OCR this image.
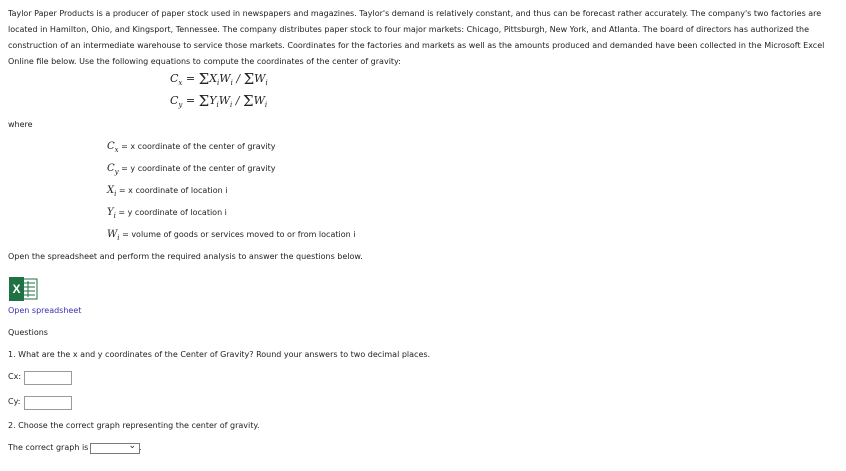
Taylor Paper Products is a producer of paper stock used in newspapers and magazines. Taylor's demand is relatively constant, and thus can be forecast rather accurately. The company's two factories are located in Hamilton, Ohio, and Kingsport, Tennessee. The company distributes paper stock to four major markets: Chicago, Pittsburgh, New York, and Atlanta. The board of directors has authorized the construction of an intermediate warehouse to service those markets. Coordinates for the factories and markets as well as the amounts produced and demanded have been collected in the Microsoft Excel Online file below. Use the following equations to compute the coordinates of the center of gravity:
$C_x = \Sigma X_iW_i / \Sigma W_i$
$C_y = \Sigma Y_iW_i / \Sigma W_i$
where
$C_x = x$ coordinate of the center of gravity
$C_y = y$ coordinate of the center of gravity
$X_i = x$ coordinate of location i
$Y_i = y$ coordinate of location i
$W_i$ = volume of goods or services moved to or from location i
Open the spreadsheet and perform the required analysis to answer the questions below.
X
Open spreadsheet
Questions
1. What are the x and y coordinates of the Center of Gravity? Round your answers to two decimal places.
Cx:
Cy:
2. Choose the correct graph representing the center of gravity.
The correct graph is	⌄ .
